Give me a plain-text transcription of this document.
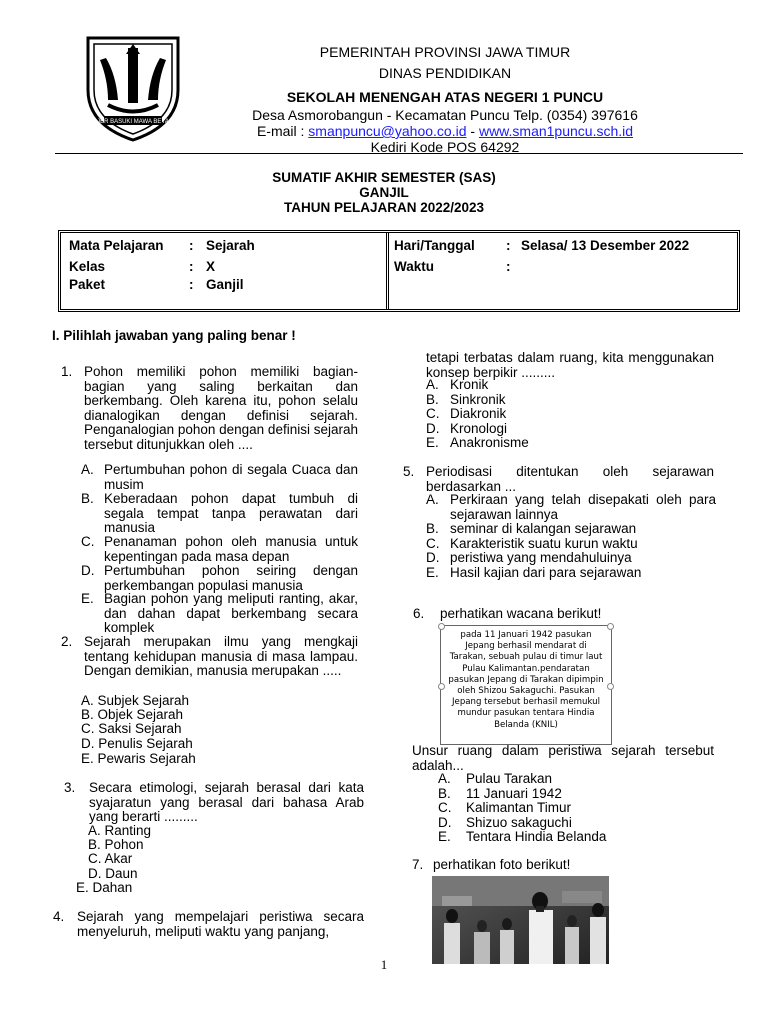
JER BASUKI MAWA BEYA
PEMERINTAH PROVINSI JAWA TIMUR
DINAS PENDIDIKAN
SEKOLAH MENENGAH ATAS NEGERI 1 PUNCU
Desa Asmorobangun - Kecamatan Puncu Telp. (0354) 397616
E-mail : smanpuncu@yahoo.co.id - www.sman1puncu.sch.id
Kediri Kode POS 64292
SUMATIF AKHIR SEMESTER (SAS)
GANJIL
TAHUN PELAJARAN 2022/2023
Mata Pelajaran : Sejarah
Kelas	: X
Paket	: Ganjil
Hari/Tanggal : Selasa/ 13 Desember 2022
Waktu	:
I. Pilihlah jawaban yang paling benar !
1. Pohon memiliki pohon memiliki bagian-bagian yang saling berkaitan dan berkembang. Oleh karena itu, pohon selalu dianalogikan dengan definisi sejarah. Penganalogian pohon dengan definisi sejarah tersebut ditunjukkan oleh ....
A. Pertumbuhan pohon di segala Cuaca dan musim
B. Keberadaan pohon dapat tumbuh di segala tempat tanpa perawatan dari manusia
C. Penanaman pohon oleh manusia untuk kepentingan pada masa depan
D. Pertumbuhan pohon seiring dengan perkembangan populasi manusia
E. Bagian pohon yang meliputi ranting, akar, dan dahan dapat berkembang secara komplek
2. Sejarah merupakan ilmu yang mengkaji tentang kehidupan manusia di masa lampau. Dengan demikian, manusia merupakan .....
A. Subjek Sejarah
B. Objek Sejarah
C. Saksi Sejarah
D. Penulis Sejarah
E. Pewaris Sejarah
3. Secara etimologi, sejarah berasal dari kata syajaratun yang berasal dari bahasa Arab yang berarti .........
A. Ranting
B. Pohon
C. Akar
D. Daun
E. Dahan
4. Sejarah yang mempelajari peristiwa secara menyeluruh, meliputi waktu yang panjang,
tetapi terbatas dalam ruang, kita menggunakan konsep berpikir .........
A. Kronik
B. Sinkronik
C. Diakronik
D. Kronologi
E. Anakronisme
5. Periodisasi ditentukan oleh sejarawan berdasarkan ...
A. Perkiraan yang telah disepakati oleh para sejarawan lainnya
B. seminar di kalangan sejarawan
C. Karakteristik suatu kurun waktu
D. peristiwa yang mendahuluinya
E. Hasil kajian dari para sejarawan
6. perhatikan wacana berikut!
pada 11 Januari 1942 pasukan Jepang berhasil mendarat di Tarakan, sebuah pulau di timur laut Pulau Kalimantan.pendaratan pasukan Jepang di Tarakan dipimpin oleh Shizou Sakaguchi. Pasukan Jepang tersebut berhasil memukul mundur pasukan tentara Hindia Belanda (KNIL)
Unsur ruang dalam peristiwa sejarah tersebut adalah...
A. Pulau Tarakan
B. 11 Januari 1942
C. Kalimantan Timur
D. Shizuo sakaguchi
E. Tentara Hindia Belanda
7. perhatikan foto berikut!
1
